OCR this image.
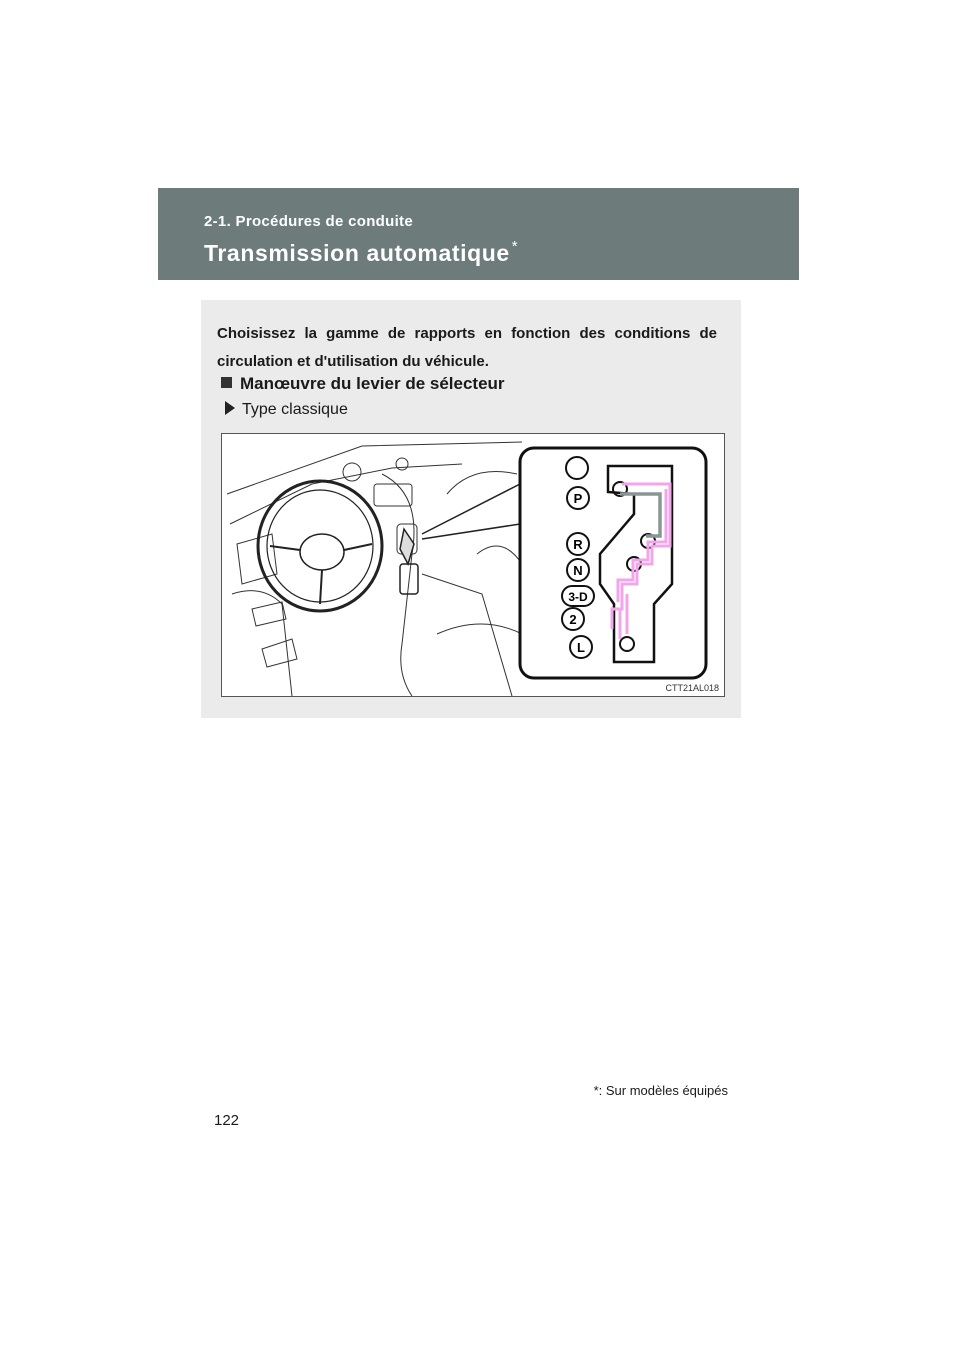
2-1. Procédures de conduite
Transmission automatique *
Choisissez la gamme de rapports en fonction des conditions de circulation et d'utilisation du véhicule.
Manœuvre du levier de sélecteur
Type classique
P
R
N
3-D
2
L
CTT21AL018
*: Sur modèles équipés
122
